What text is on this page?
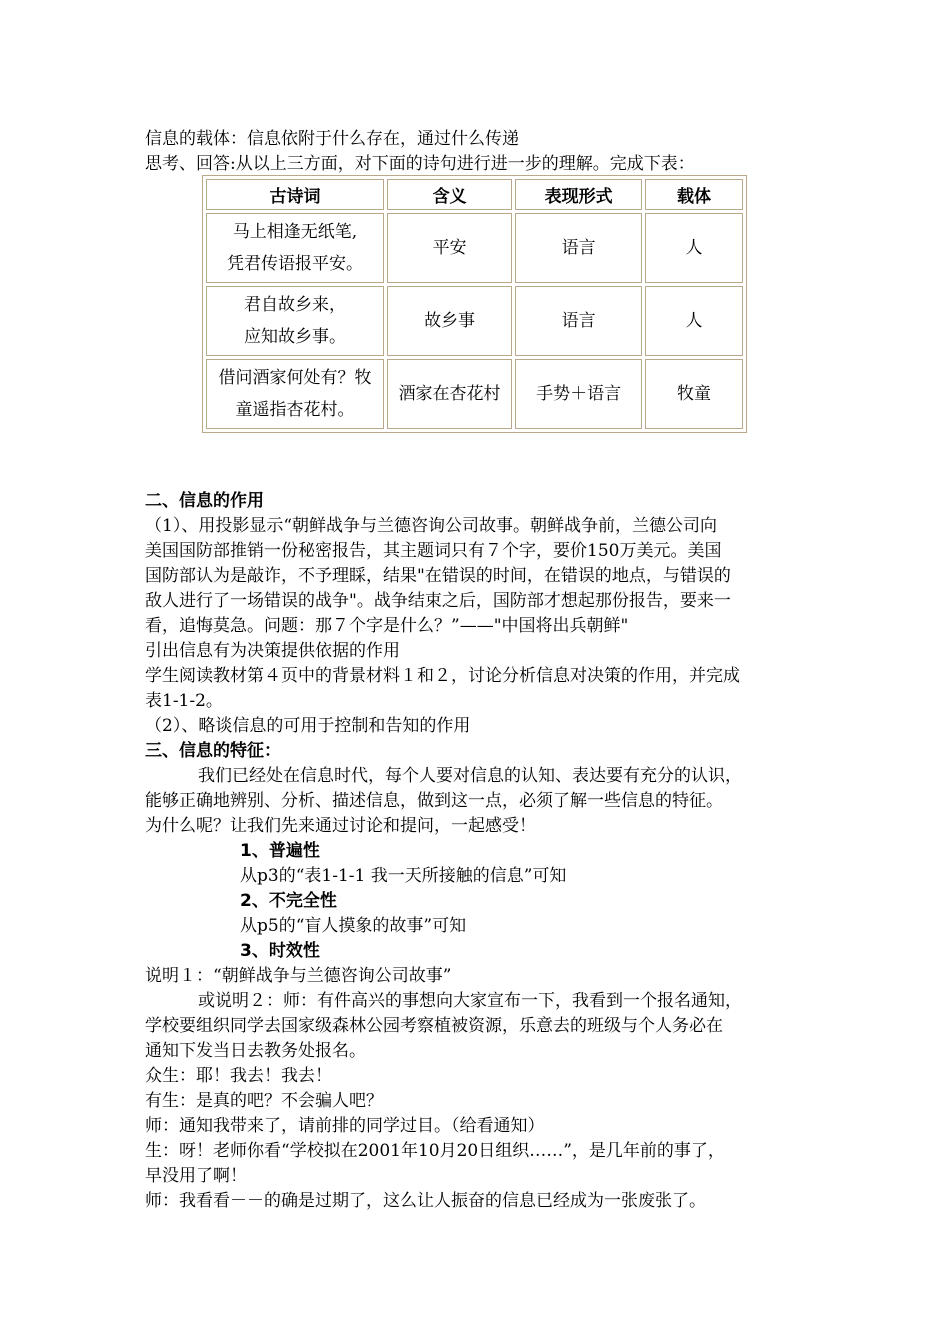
信息的载体：信息依附于什么存在，通过什么传递
思考、回答:从以上三方面，对下面的诗句进行进一步的理解。完成下表：
古诗词	含义	表现形式	载体

马上相逢无纸笔,
凭君传语报平安。	平安	语言	人

君自故乡来，
应知故乡事。	故乡事	语言	人

借问酒家何处有？牧
童遥指杏花村。	酒家在杏花村	手势＋语言	牧童
二、信息的作用
（1）、用投影显示“朝鲜战争与兰德咨询公司故事。朝鲜战争前，兰德公司向
美国国防部推销一份秘密报告，其主题词只有７个字，要价150万美元。美国
国防部认为是敲诈，不予理睬，结果"在错误的时间，在错误的地点，与错误的
敌人进行了一场错误的战争"。战争结束之后，国防部才想起那份报告，要来一
看，追悔莫急。问题：那７个字是什么？”——"中国将出兵朝鲜"
引出信息有为决策提供依据的作用
学生阅读教材第４页中的背景材料１和２，讨论分析信息对决策的作用，并完成
表1-1-2。
（2）、略谈信息的可用于控制和告知的作用
三、信息的特征：
我们已经处在信息时代，每个人要对信息的认知、表达要有充分的认识，
能够正确地辨别、分析、描述信息，做到这一点，必须了解一些信息的特征。
为什么呢？让我们先来通过讨论和提问，一起感受！
1、普遍性
从p3的“表1-1-1 我一天所接触的信息”可知
2、不完全性
从p5的“盲人摸象的故事”可知
3、时效性
说明１：“朝鲜战争与兰德咨询公司故事”
或说明２：师：有件高兴的事想向大家宣布一下，我看到一个报名通知，
学校要组织同学去国家级森林公园考察植被资源，乐意去的班级与个人务必在
通知下发当日去教务处报名。
众生：耶！我去！我去！
有生：是真的吧？不会骗人吧？
师：通知我带来了，请前排的同学过目。（给看通知）
生：呀！老师你看“学校拟在2001年10月20日组织……”，是几年前的事了，
早没用了啊！
师：我看看－－的确是过期了，这么让人振奋的信息已经成为一张废张了。
